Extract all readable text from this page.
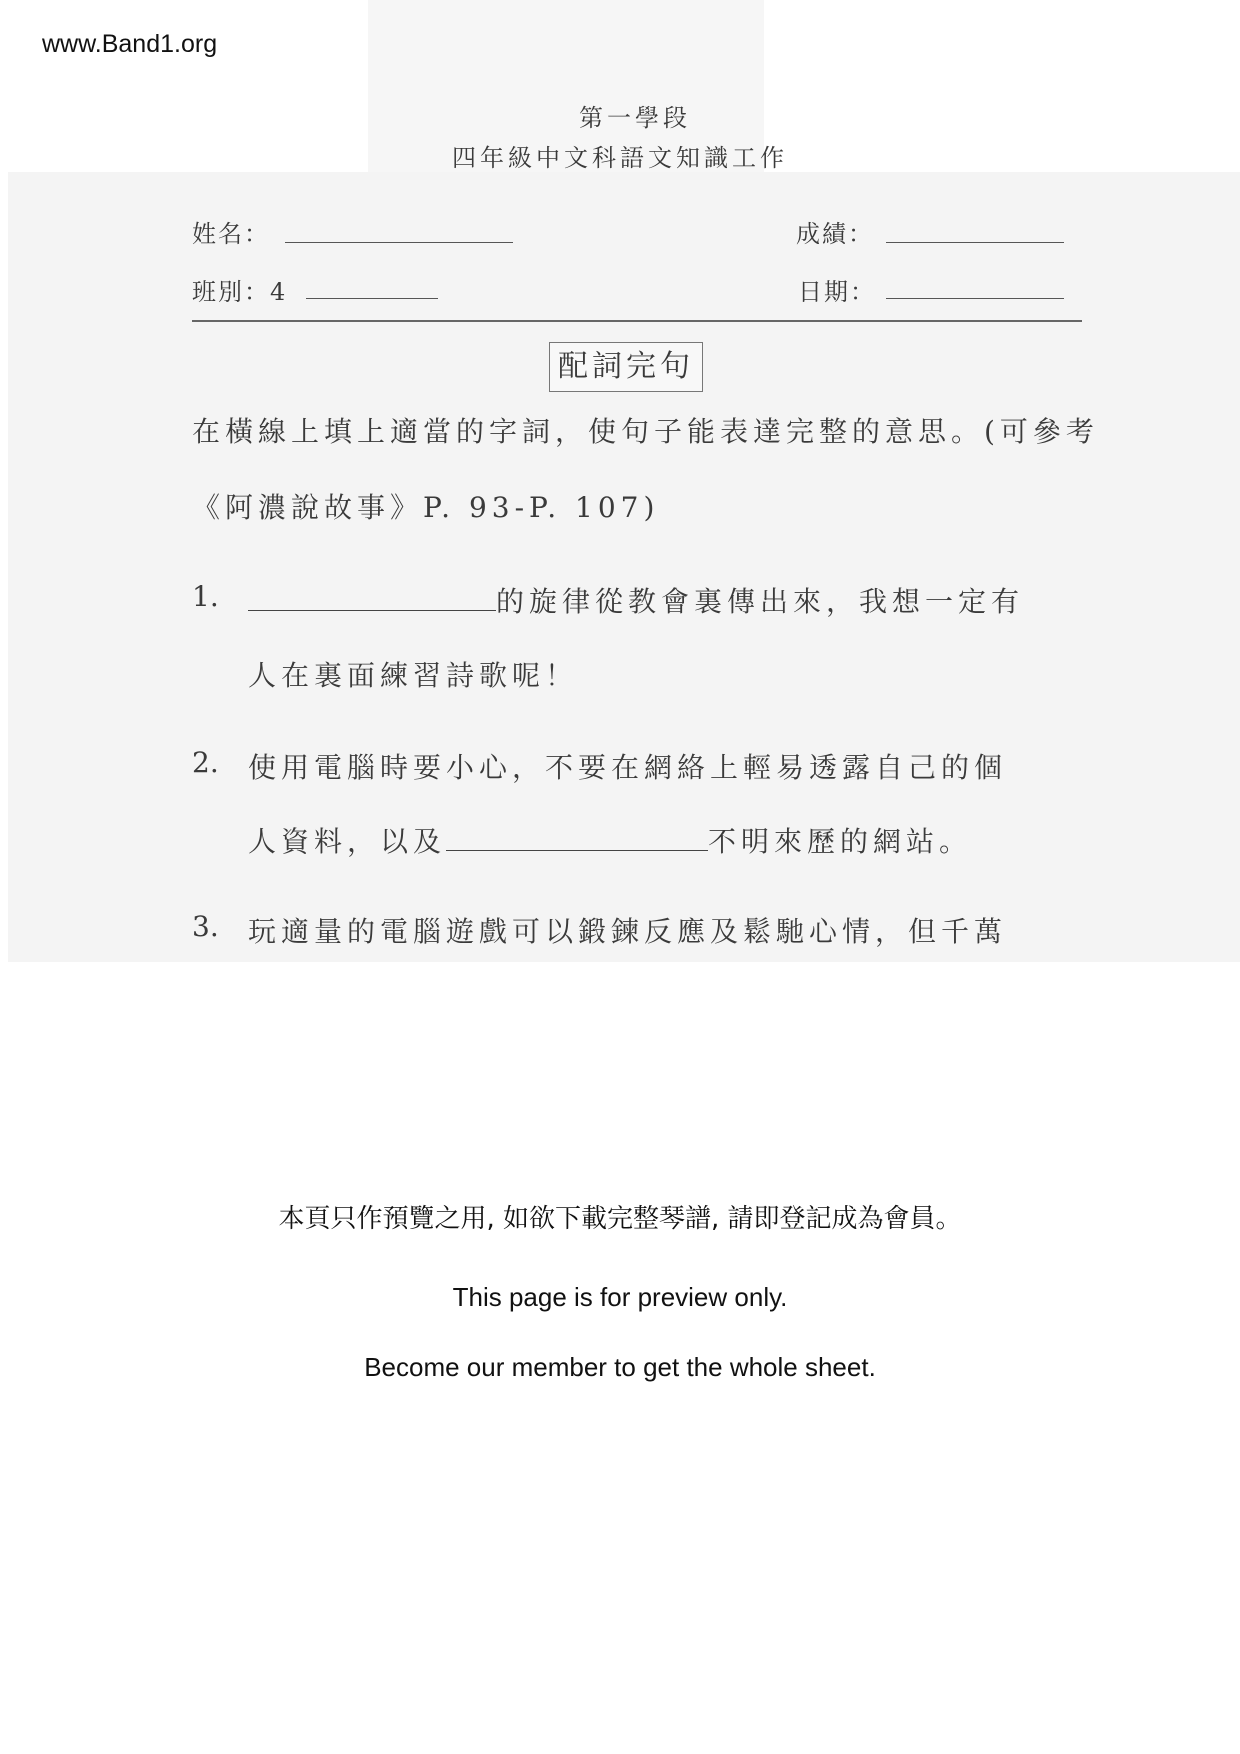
www.Band1.org
第一學段
四年級中文科語文知識工作
姓名：	成績：
班別：4	日期：
配詞完句
在橫線上填上適當的字詞，使句子能表達完整的意思。(可參考
《阿濃說故事》P. 93-P. 107)
1.	的旋律從教會裏傳出來，我想一定有
人在裏面練習詩歌呢！
2. 使用電腦時要小心，不要在網絡上輕易透露自己的個
人資料，以及	不明來歷的網站。
3. 玩適量的電腦遊戲可以鍛鍊反應及鬆馳心情，但千萬
本頁只作預覽之用, 如欲下載完整琴譜, 請即登記成為會員。
This page is for preview only.
Become our member to get the whole sheet.
